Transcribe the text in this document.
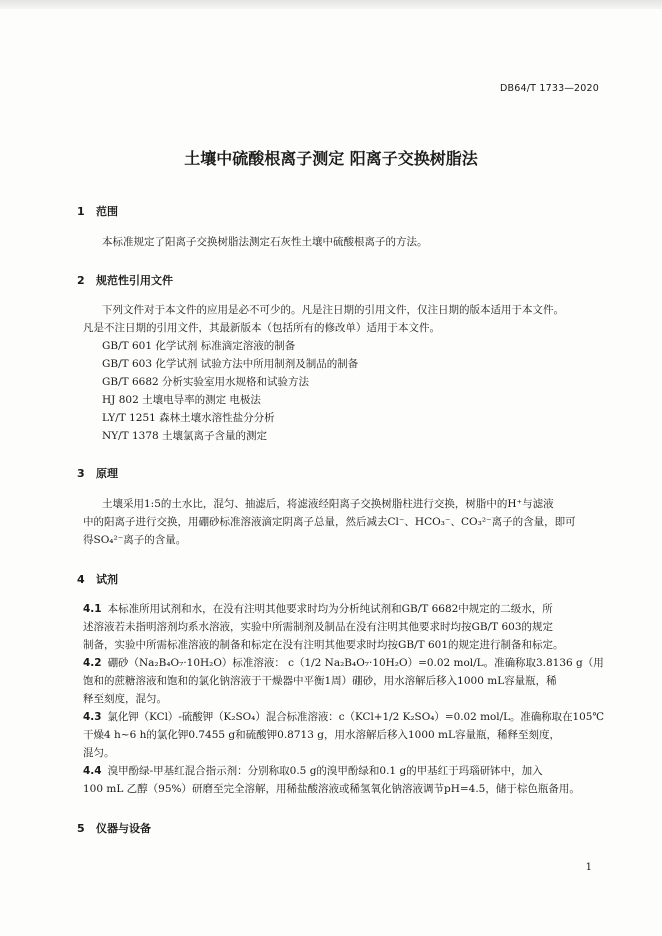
DB64/T 1733—2020
土壤中硫酸根离子测定 阳离子交换树脂法
1 范围
本标准规定了阳离子交换树脂法测定石灰性土壤中硫酸根离子的方法。
2 规范性引用文件
下列文件对于本文件的应用是必不可少的。凡是注日期的引用文件，仅注日期的版本适用于本文件。
凡是不注日期的引用文件，其最新版本（包括所有的修改单）适用于本文件。
GB/T 601 化学试剂 标准滴定溶液的制备
GB/T 603 化学试剂 试验方法中所用制剂及制品的制备
GB/T 6682 分析实验室用水规格和试验方法
HJ 802 土壤电导率的测定 电极法
LY/T 1251 森林土壤水溶性盐分分析
NY/T 1378 土壤氯离子含量的测定
3 原理
土壤采用1:5的土水比，混匀、抽滤后，将滤液经阳离子交换树脂柱进行交换，树脂中的H⁺与滤液
中的阳离子进行交换，用硼砂标准溶液滴定阴离子总量，然后减去Cl⁻、HCO₃⁻、CO₃²⁻离子的含量，即可
得SO₄²⁻离子的含量。
4 试剂
4.1 本标准所用试剂和水，在没有注明其他要求时均为分析纯试剂和GB/T 6682中规定的二级水，所
述溶液若未指明溶剂均系水溶液，实验中所需制剂及制品在没有注明其他要求时均按GB/T 603的规定
制备，实验中所需标准溶液的制备和标定在没有注明其他要求时均按GB/T 601的规定进行制备和标定。
4.2 硼砂（Na₂B₄O₇·10H₂O）标准溶液： c（1/2 Na₂B₄O₇·10H₂O）=0.02 mol/L。准确称取3.8136 g（用
饱和的蔗糖溶液和饱和的氯化钠溶液于干燥器中平衡1周）硼砂，用水溶解后移入1000 mL容量瓶，稀
释至刻度，混匀。
4.3 氯化钾（KCl）-硫酸钾（K₂SO₄）混合标准溶液：c（KCl+1/2 K₂SO₄）=0.02 mol/L。准确称取在105℃
干燥4 h~6 h的氯化钾0.7455 g和硫酸钾0.8713 g，用水溶解后移入1000 mL容量瓶，稀释至刻度，
混匀。
4.4 溴甲酚绿-甲基红混合指示剂：分别称取0.5 g的溴甲酚绿和0.1 g的甲基红于玛瑙研钵中，加入
100 mL 乙醇（95%）研磨至完全溶解，用稀盐酸溶液或稀氢氧化钠溶液调节pH=4.5，储于棕色瓶备用。
5 仪器与设备
1
